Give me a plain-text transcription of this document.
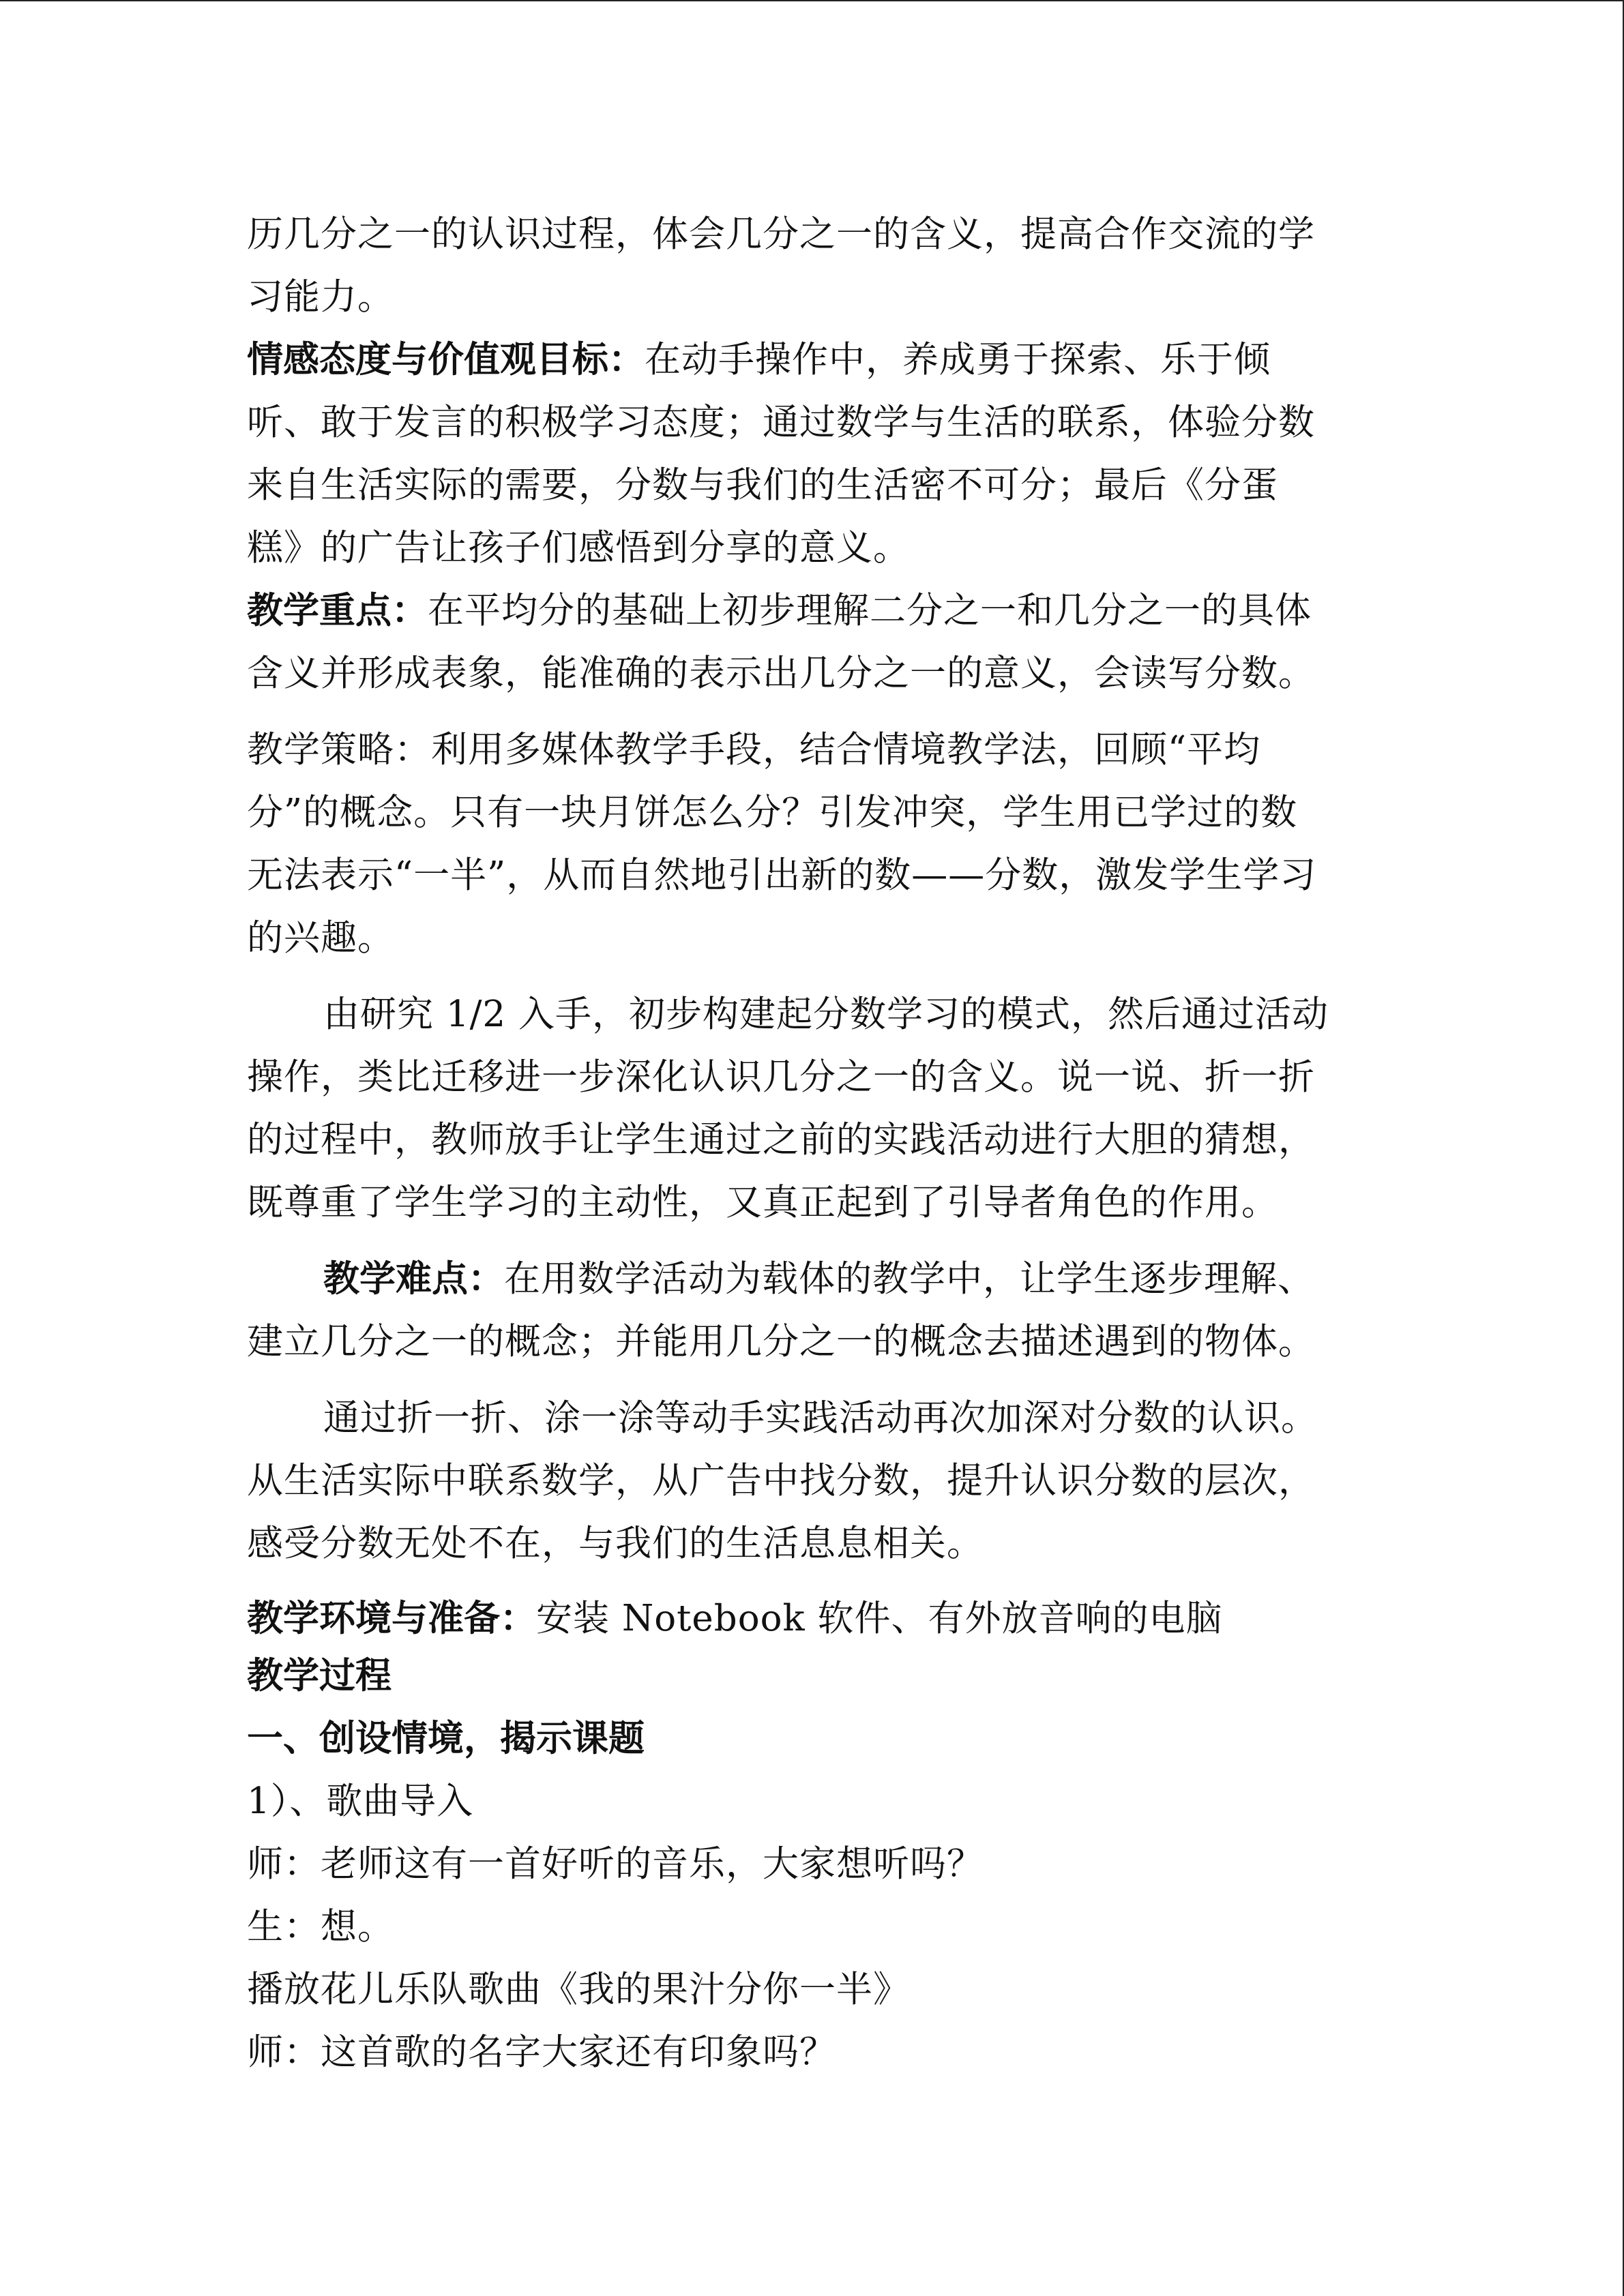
历几分之一的认识过程，体会几分之一的含义，提高合作交流的学
习能力。
情感态度与价值观目标：在动手操作中，养成勇于探索、乐于倾
听、敢于发言的积极学习态度；通过数学与生活的联系，体验分数
来自生活实际的需要，分数与我们的生活密不可分；最后《分蛋
糕》的广告让孩子们感悟到分享的意义。
教学重点：在平均分的基础上初步理解二分之一和几分之一的具体
含义并形成表象，能准确的表示出几分之一的意义，会读写分数。
教学策略：利用多媒体教学手段，结合情境教学法，回顾“平均
分”的概念。只有一块月饼怎么分？引发冲突，学生用已学过的数
无法表示“一半”，从而自然地引出新的数——分数，激发学生学习
的兴趣。
由研究 1/2 入手，初步构建起分数学习的模式，然后通过活动
操作，类比迁移进一步深化认识几分之一的含义。说一说、折一折
的过程中，教师放手让学生通过之前的实践活动进行大胆的猜想，
既尊重了学生学习的主动性，又真正起到了引导者角色的作用。
教学难点：在用数学活动为载体的教学中，让学生逐步理解、
建立几分之一的概念；并能用几分之一的概念去描述遇到的物体。
通过折一折、涂一涂等动手实践活动再次加深对分数的认识。
从生活实际中联系数学，从广告中找分数，提升认识分数的层次，
感受分数无处不在，与我们的生活息息相关。
教学环境与准备：安装 Notebook 软件、有外放音响的电脑
教学过程
一、创设情境，揭示课题
1）、歌曲导入
师：老师这有一首好听的音乐，大家想听吗？
生：想。
播放花儿乐队歌曲《我的果汁分你一半》
师：这首歌的名字大家还有印象吗？
